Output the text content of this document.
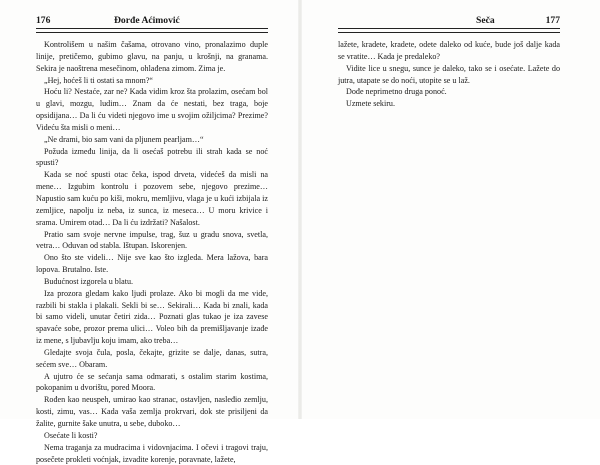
176	Đorđe Aćimović

Kontrolišem u našim čašama, otrovano vino, pronalazimo duple linije, pretičemo, gubimo glavu, na panju, u krošnji, na granama. Sekira je naoštrena mesečinom, ohlađena zimom. Zima je.

„Hej, hoćeš li ti ostati sa mnom?“

Hoću li? Nestaće, zar ne? Kada vidim kroz šta prolazim, osećam bol u glavi, mozgu, ludim… Znam da će nestati, bez traga, boje opsidijana… Da li ću videti njegovo ime u svojim ožiljcima? Prezime? Videću šta misli o meni…

„Ne drami, bio sam vani da pljunem pearljam…“

Požuda između linija, da li osećaš potrebu ili strah kada se noć spusti?

Kada se noć spusti otac čeka, ispod drveta, videćeš da misli na mene… Izgubim kontrolu i pozovem sebe, njegovo prezime… Napustio sam kuću po kiši, mokru, memljivu, vlaga je u kući izbijala iz zemljice, napolju iz neba, iz sunca, iz meseca… U moru krivice i srama. Umirem otad… Da li ću izdržati? Našalost.

Pratio sam svoje nervne impulse, trag, šuz u gradu snova, svetla, vetra… Oduvan od stabla. Ištupan. Iskorenjen.

Ono što ste videli… Nije sve kao što izgleda. Mera lažova, bara lopova. Brutalno. Iste.

Budućnost izgorela u blatu.

Iza prozora gledam kako ljudi prolaze. Ako bi mogli da me vide, razbili bi stakla i plakali. Sekli bi se… Sekirali… Kada bi znali, kada bi samo videli, unutar četiri zida… Poznati glas tukao je iza zavese spavaće sobe, prozor prema ulici… Voleo bih da premišljavanje izađe iz mene, s ljubavlju koju imam, ako treba…

Gledajte svoja čula, posla, čekajte, grizite se dalje, danas, sutra, sećem sve… Obaram.

A ujutro će se sećanja sama odmarati, s ostalim starim kostima, pokopanim u dvorištu, pored Moora.

Rođen kao neuspeh, umirao kao stranac, ostavljen, nasleđio zemlju, kosti, zimu, vas… Kada vaša zemlja prokrvari, dok ste prisiljeni da žalite, gurnite šake unutra, u sebe, duboko…

Osećate li kosti?

Nema traganja za mudracima i vidovnjacima. I očevi i tragovi traju, posečete prokleti voćnjak, izvadite korenje, poravnate, lažete,

Seča	177

lažete, kradete, kradete, odete daleko od kuće, bude još dalje kada se vratite… Kada je predaleko?

Vidite lice u snegu, sunce je daleko, tako se i osećate. Lažete do jutra, utapate se do noći, utopite se u laž.

Dođe neprimetno druga ponoć.

Uzmete sekiru.
